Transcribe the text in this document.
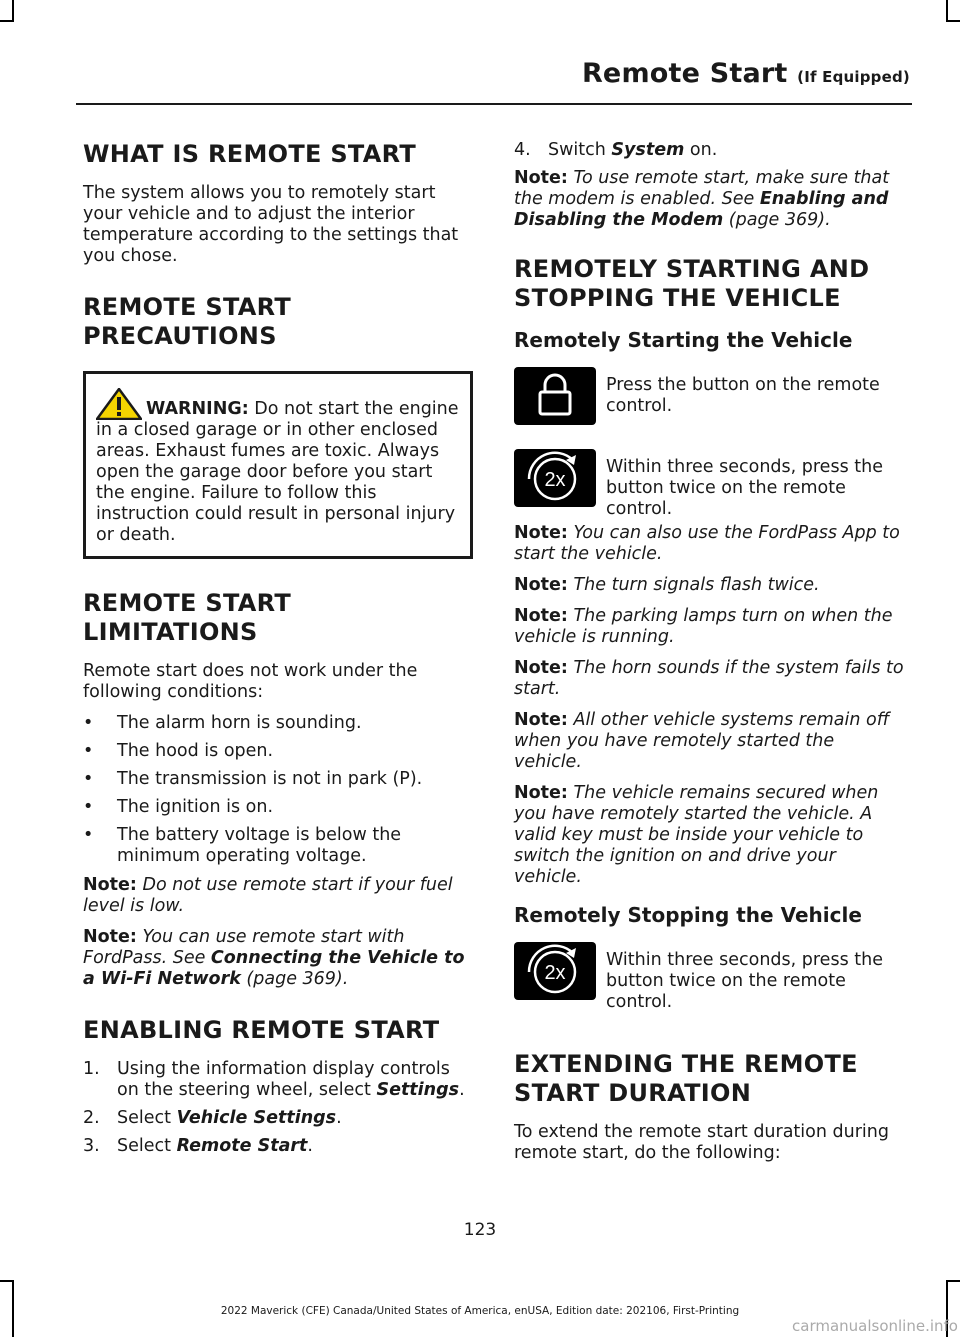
Remote Start (If Equipped)
WHAT IS REMOTE START

The system allows you to remotely start your vehicle and to adjust the interior temperature according to the settings that you chose.

REMOTE START PRECAUTIONS
WARNING: Do not start the engine in a closed garage or in other enclosed areas. Exhaust fumes are toxic. Always open the garage door before you start the engine. Failure to follow this instruction could result in personal injury or death.
REMOTE START LIMITATIONS

Remote start does not work under the following conditions:

• The alarm horn is sounding.
• The hood is open.
• The transmission is not in park (P).
• The ignition is on.
• The battery voltage is below the minimum operating voltage.

Note: Do not use remote start if your fuel level is low.

Note: You can use remote start with FordPass. See Connecting the Vehicle to a Wi-Fi Network (page 369).

ENABLING REMOTE START
1. Using the information display controls on the steering wheel, select Settings.
2. Select Vehicle Settings.
3. Select Remote Start.
4. Switch System on.

Note: To use remote start, make sure that the modem is enabled. See Enabling and Disabling the Modem (page 369).

REMOTELY STARTING AND STOPPING THE VEHICLE
Remotely Starting the Vehicle
Press the button on the remote control.
2x
Within three seconds, press the button twice on the remote control.

Note: You can also use the FordPass App to start the vehicle.

Note: The turn signals flash twice.

Note: The parking lamps turn on when the vehicle is running.

Note: The horn sounds if the system fails to start.

Note: All other vehicle systems remain off when you have remotely started the vehicle.

Note: The vehicle remains secured when you have remotely started the vehicle. A valid key must be inside your vehicle to switch the ignition on and drive your vehicle.

Remotely Stopping the Vehicle
2x
Within three seconds, press the button twice on the remote control.
EXTENDING THE REMOTE START DURATION

To extend the remote start duration during remote start, do the following:

123
2022 Maverick (CFE) Canada/United States of America, enUSA, Edition date: 202106, First-Printing
carmanualsonline.info
